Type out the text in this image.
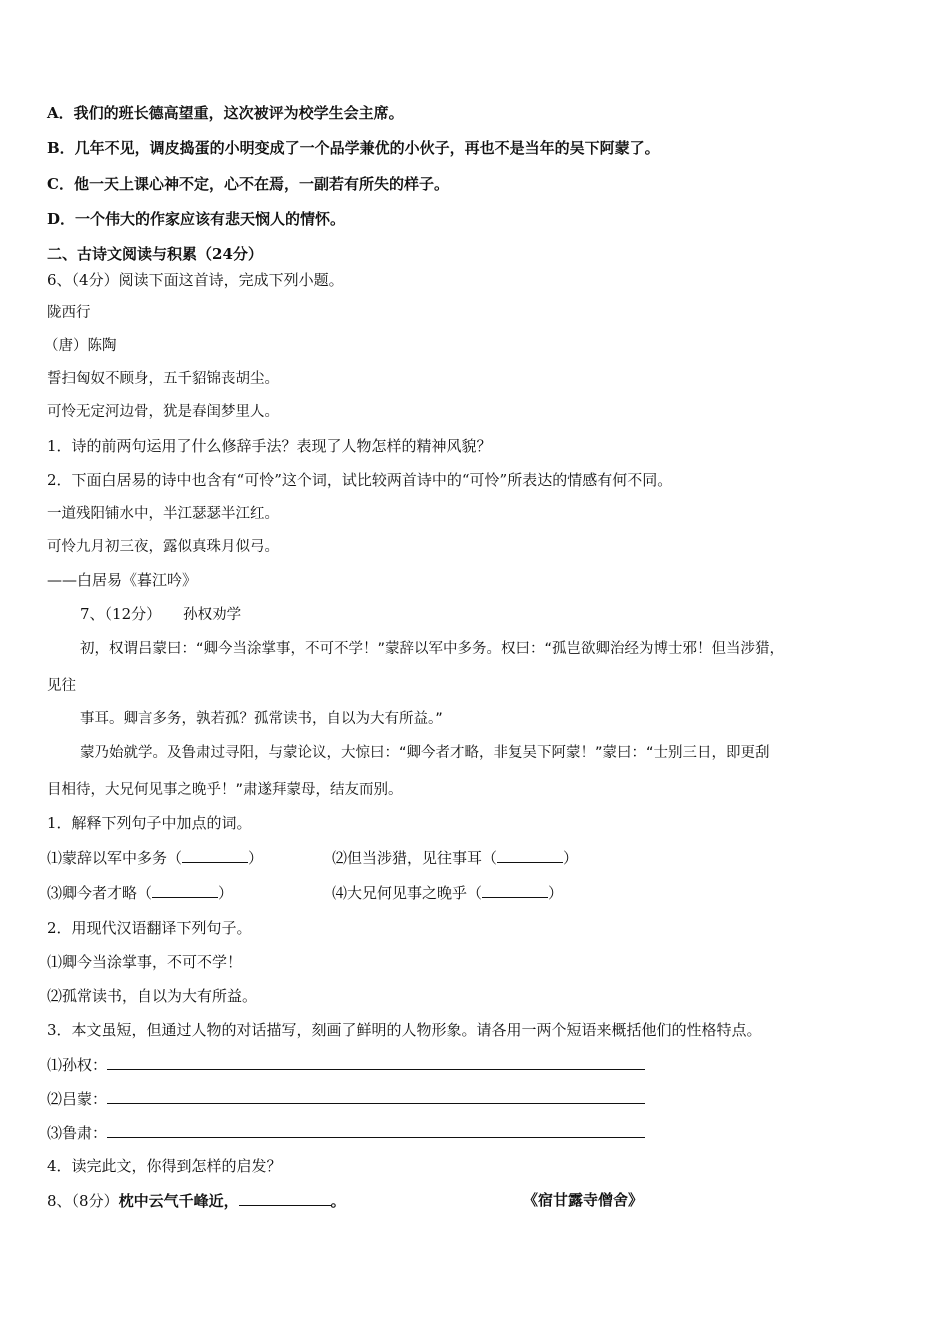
A．我们的班长德高望重，这次被评为校学生会主席。
B．几年不见，调皮捣蛋的小明变成了一个品学兼优的小伙子，再也不是当年的吴下阿蒙了。
C．他一天上课心神不定，心不在焉，一副若有所失的样子。
D．一个伟大的作家应该有悲天悯人的情怀。
二、古诗文阅读与积累（24分）
6、（4分）阅读下面这首诗，完成下列小题。
陇西行
（唐）陈陶
誓扫匈奴不顾身，五千貂锦丧胡尘。
可怜无定河边骨，犹是春闺梦里人。
1．诗的前两句运用了什么修辞手法？表现了人物怎样的精神风貌？
2．下面白居易的诗中也含有“可怜”这个词，试比较两首诗中的“可怜”所表达的情感有何不同。
一道残阳铺水中，半江瑟瑟半江红。
可怜九月初三夜，露似真珠月似弓。
——白居易《暮江吟》
7、（12分） 孙权劝学
初，权谓吕蒙曰：“卿今当涂掌事，不可不学！”蒙辞以军中多务。权曰：“孤岂欲卿治经为博士邪！但当涉猎，
见往
事耳。卿言多务，孰若孤？孤常读书，自以为大有所益。”
蒙乃始就学。及鲁肃过寻阳，与蒙论议，大惊曰：“卿今者才略，非复吴下阿蒙！”蒙曰：“士别三日，即更刮
目相待，大兄何见事之晚乎！”肃遂拜蒙母，结友而别。
1．解释下列句子中加点的词。
⑴蒙辞以军中多务（	）	⑵但当涉猎，见往事耳（	）
⑶卿今者才略（	）	⑷大兄何见事之晚乎（	）
2．用现代汉语翻译下列句子。
⑴卿今当涂掌事，不可不学！
⑵孤常读书，自以为大有所益。
3．本文虽短，但通过人物的对话描写，刻画了鲜明的人物形象。请各用一两个短语来概括他们的性格特点。
⑴孙权：
⑵吕蒙：
⑶鲁肃：
4．读完此文，你得到怎样的启发？
8、（8分）枕中云气千峰近，	。	《宿甘露寺僧舍》
